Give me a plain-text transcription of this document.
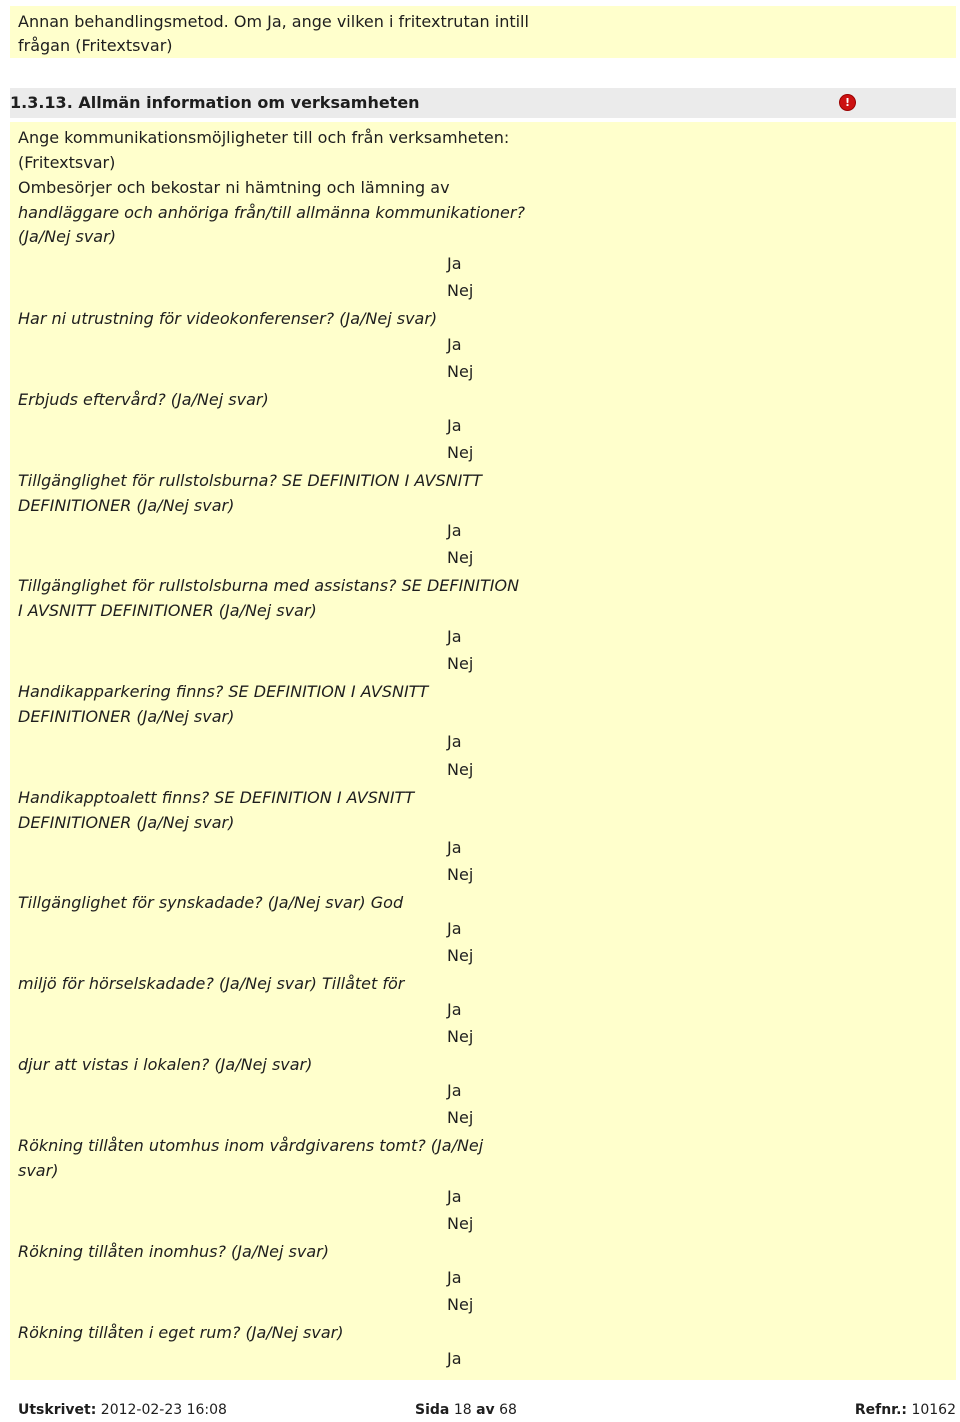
Annan behandlingsmetod. Om Ja, ange vilken i fritextrutan intill
frågan (Fritextsvar)
1.3.13. Allmän information om verksamheten	!
Ange kommunikationsmöjligheter till och från verksamheten:
(Fritextsvar)
Ombesörjer och bekostar ni hämtning och lämning av
handläggare och anhöriga från/till allmänna kommunikationer?
(Ja/Nej svar)
Ja
Nej
Har ni utrustning för videokonferenser? (Ja/Nej svar)
Ja
Nej
Erbjuds eftervård? (Ja/Nej svar)
Ja
Nej
Tillgänglighet för rullstolsburna? SE DEFINITION I AVSNITT
DEFINITIONER (Ja/Nej svar)
Ja
Nej
Tillgänglighet för rullstolsburna med assistans? SE DEFINITION
I AVSNITT DEFINITIONER (Ja/Nej svar)
Ja
Nej
Handikapparkering finns? SE DEFINITION I AVSNITT
DEFINITIONER (Ja/Nej svar)
Ja
Nej
Handikapptoalett finns? SE DEFINITION I AVSNITT
DEFINITIONER (Ja/Nej svar)
Ja
Nej
Tillgänglighet för synskadade? (Ja/Nej svar) God
Ja
Nej
miljö för hörselskadade? (Ja/Nej svar) Tillåtet för
Ja
Nej
djur att vistas i lokalen? (Ja/Nej svar)
Ja
Nej
Rökning tillåten utomhus inom vårdgivarens tomt? (Ja/Nej
svar)
Ja
Nej
Rökning tillåten inomhus? (Ja/Nej svar)
Ja
Nej
Rökning tillåten i eget rum? (Ja/Nej svar)
Ja
Utskrivet: 2012-02-23 16:08	Sida 18 av 68	Refnr.: 10162
